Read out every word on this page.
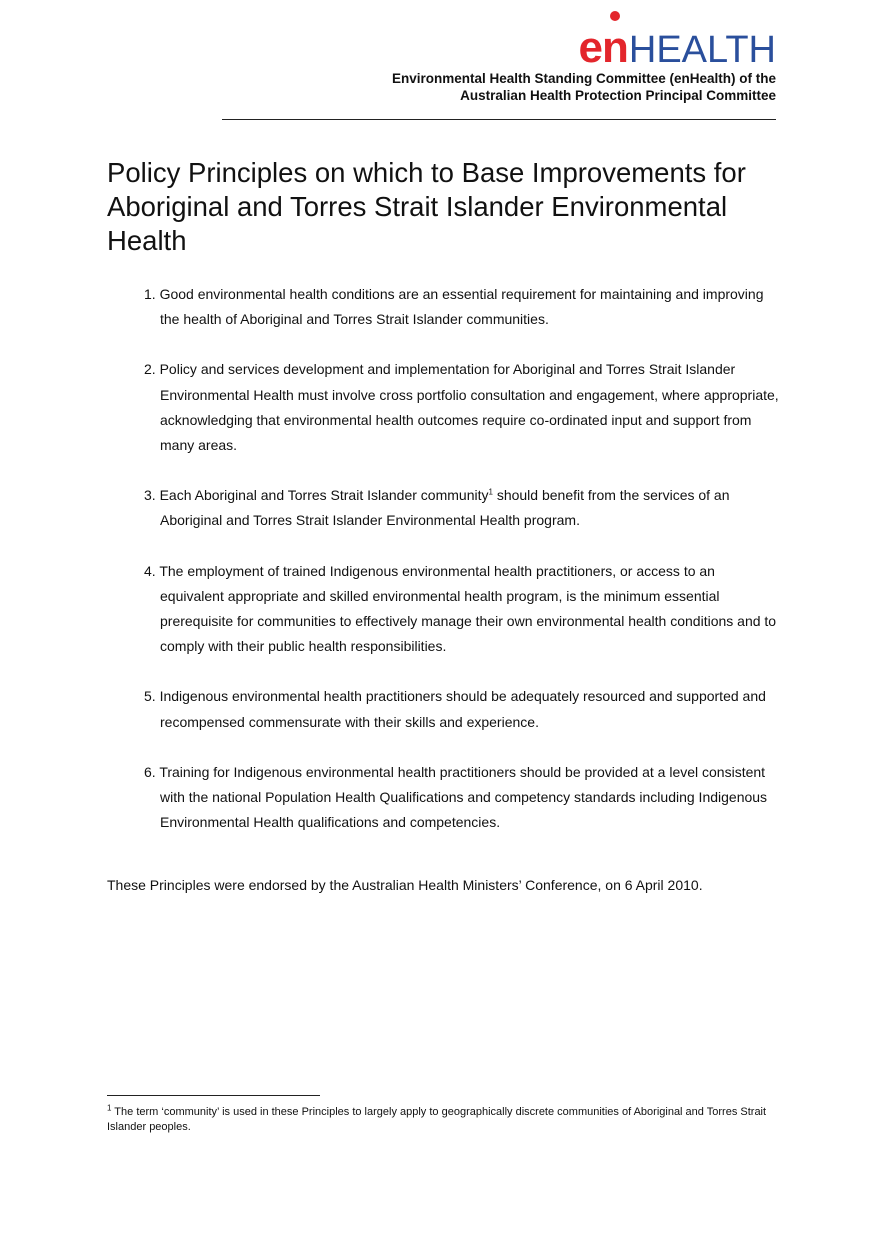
en HEALTH
Environmental Health Standing Committee (enHealth) of the
Australian Health Protection Principal Committee
Policy Principles on which to Base Improvements for Aboriginal and Torres Strait Islander Environmental Health
1. Good environmental health conditions are an essential requirement for maintaining and improving the health of Aboriginal and Torres Strait Islander communities.
2. Policy and services development and implementation for Aboriginal and Torres Strait Islander Environmental Health must involve cross portfolio consultation and engagement, where appropriate, acknowledging that environmental health outcomes require co-ordinated input and support from many areas.
3. Each Aboriginal and Torres Strait Islander community$^1$ should benefit from the services of an Aboriginal and Torres Strait Islander Environmental Health program.
4. The employment of trained Indigenous environmental health practitioners, or access to an equivalent appropriate and skilled environmental health program, is the minimum essential prerequisite for communities to effectively manage their own environmental health conditions and to comply with their public health responsibilities.
5. Indigenous environmental health practitioners should be adequately resourced and supported and recompensed commensurate with their skills and experience.
6. Training for Indigenous environmental health practitioners should be provided at a level consistent with the national Population Health Qualifications and competency standards including Indigenous Environmental Health qualifications and competencies.

These Principles were endorsed by the Australian Health Ministers’ Conference, on 6 April 2010.

$^1$ The term ‘community’ is used in these Principles to largely apply to geographically discrete communities of Aboriginal and Torres Strait Islander peoples.
